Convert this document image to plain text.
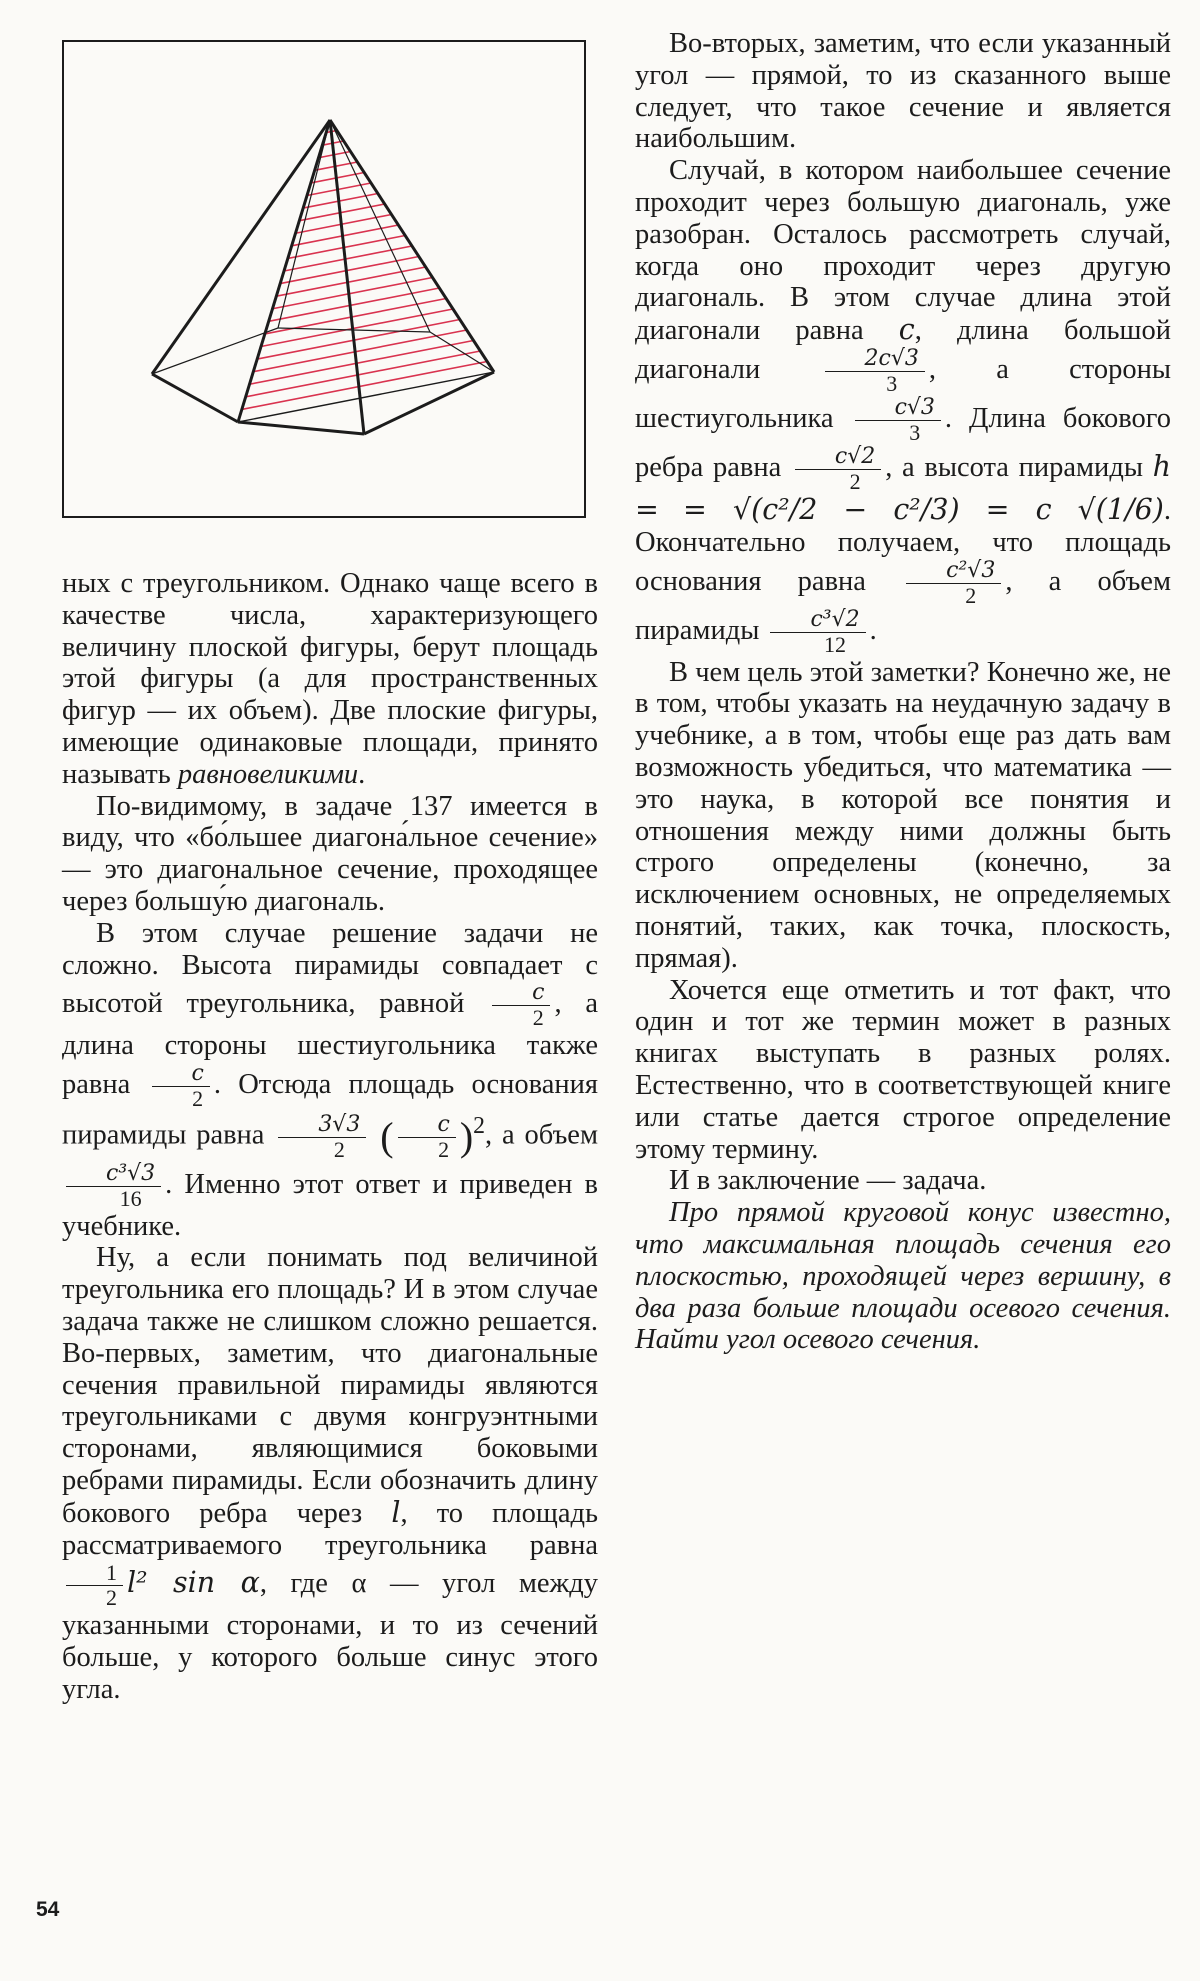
ных с треугольником. Однако чаще всего в качестве числа, характеризующего величину плоской фигуры, берут площадь этой фигуры (а для пространственных фигур — их объем). Две плоские фигуры, имеющие одинаковые площади, принято называть равновеликими.

По-видимому, в задаче 137 имеется в виду, что «бо́льшее диагона́льное сечение» — это диагональное сечение, проходящее через большу́ю диагональ.

В этом случае решение задачи не сложно. Высота пирамиды совпадает с высотой треугольника, равной $\frac{c}{2}$ , а длина стороны шестиугольника также равна $\frac{c}{2}$ . Отсюда площадь основания пирамиды равна $\frac{3√3}{2}$ ( $\frac{c}{2} )^2$, а объем
$\frac{\text{c³√3}}{16}$ . Именно этот ответ и приведен в учебнике.

Ну, а если понимать под величиной треугольника его площадь? И в этом случае задача также не слишком сложно решается. Во-первых, заметим, что диагональные сечения правильной пирамиды являются треугольниками с двумя конгруэнтными сторонами, являющимися боковыми ребрами пирамиды. Если обозначить длину бокового ребра через l, то площадь рассматриваемого треугольника равна
$\frac{1}{2} l^2$ sin α, где α — угол между указанными сторонами, и то из сечений больше, у которого больше синус этого угла.

Во-вторых, заметим, что если указанный угол — прямой, то из сказанного выше следует, что такое сечение и является наибольшим.

Случай, в котором наибольшее сечение проходит через большую диагональ, уже разобран. Осталось рассмотреть случай, когда оно проходит через другую диагональ. В этом случае длина этой диагонали равна c, длина большой диагонали	$\frac{2c√3}{3}$ , а стороны шестиугольника $\frac{c√3}{3}$ . Длина бокового ребра равна $\frac{c√2}{2}$ , а высота пирамиды h = = √(c²/2 − c²/3) = c √(1/6). Окончательно получаем, что площадь основания равна $\frac{\text{c²√3}}{2}$ , а объем пирамиды $\frac{\text{c³√2}}{12}$ .

В чем цель этой заметки? Конечно же, не в том, чтобы указать на неудачную задачу в учебнике, а в том, чтобы еще раз дать вам возможность убедиться, что математика — это наука, в которой все понятия и отношения между ними должны быть строго определены (конечно, за исключением основных, не определяемых понятий, таких, как точка, плоскость, прямая).

Хочется еще отметить и тот факт, что один и тот же термин может в разных книгах выступать в разных ролях. Естественно, что в соответствующей книге или статье дается строгое определение этому термину.

И в заключение — задача.

Про прямой круговой конус известно, что максимальная площадь сечения его плоскостью, проходящей через вершину, в два раза больше площади осевого сечения. Найти угол осевого сечения.

54
